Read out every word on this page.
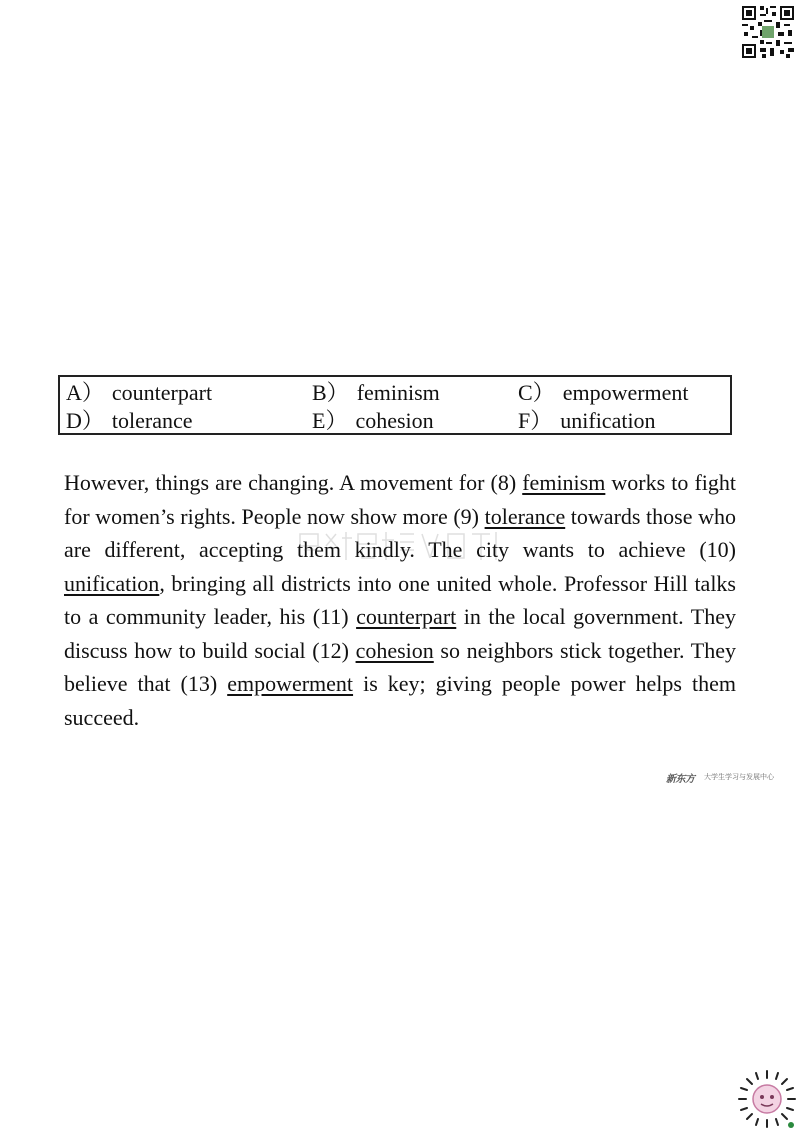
A） counterpart	B） feminism	C） empowerment
D） tolerance	E） cohesion	F） unification
However, things are changing. A movement for (8) feminism works to fight for women’s rights. People now show more (9) tolerance towards those who are different, accepting them kindly. The city wants to achieve (10) unification, bringing all districts into one united whole. Professor Hill talks to a community leader, his (11) counterpart in the local government. They discuss how to build social (12) cohesion so neighbors stick together. They believe that (13) empowerment is key; giving people power helps them succeed.
新东方 大学生学习与发展中心
